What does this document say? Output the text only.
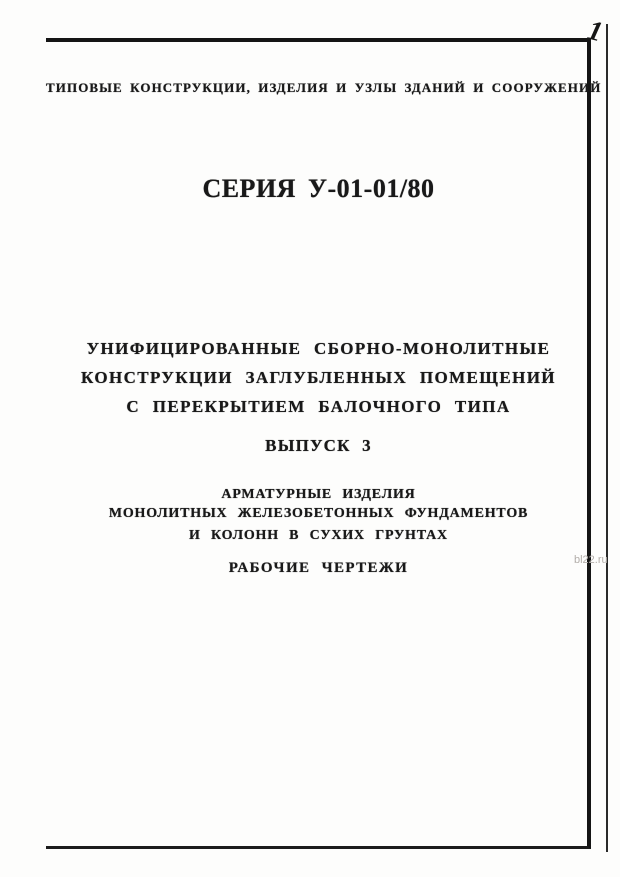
1
ТИПОВЫЕ КОНСТРУКЦИИ, ИЗДЕЛИЯ И УЗЛЫ ЗДАНИЙ И СООРУЖЕНИЙ
СЕРИЯ У-01-01/80
УНИФИЦИРОВАННЫЕ СБОРНО-МОНОЛИТНЫЕ
КОНСТРУКЦИИ ЗАГЛУБЛЕННЫХ ПОМЕЩЕНИЙ
С ПЕРЕКРЫТИЕМ БАЛОЧНОГО ТИПА
ВЫПУСК 3
АРМАТУРНЫЕ ИЗДЕЛИЯ
МОНОЛИТНЫХ ЖЕЛЕЗОБЕТОННЫХ ФУНДАМЕНТОВ
И КОЛОНН В СУХИХ ГРУНТАХ
РАБОЧИЕ ЧЕРТЕЖИ	bl22.ru
